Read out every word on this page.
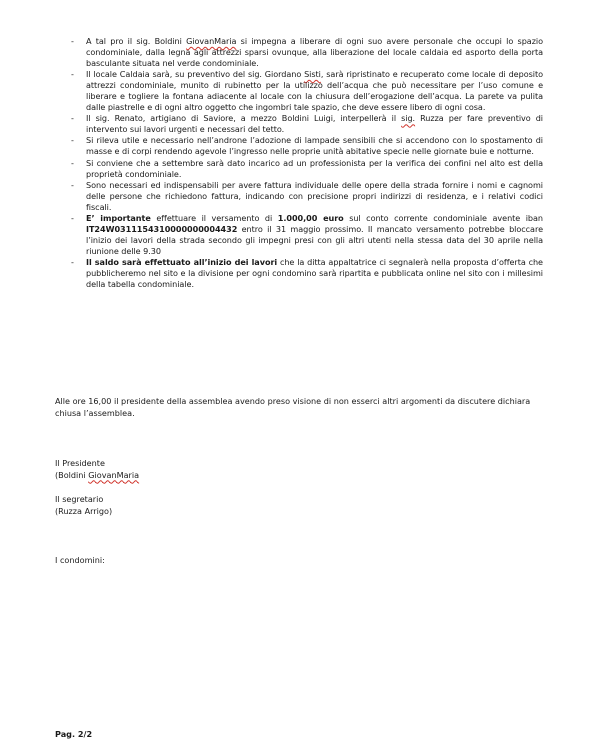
- A tal pro il sig. Boldini GiovanMaria si impegna a liberare di ogni suo avere personale che occupi lo spazio condominiale, dalla legna agli attrezzi sparsi ovunque, alla liberazione del locale caldaia ed asporto della porta basculante situata nel verde condominiale.
- Il locale Caldaia sarà, su preventivo del sig. Giordano Sisti, sarà ripristinato e recuperato come locale di deposito attrezzi condominiale, munito di rubinetto per la utilizzo dell’acqua che può necessitare per l’uso comune e liberare e togliere la fontana adiacente al locale con la chiusura dell’erogazione dell’acqua. La parete va pulita dalle piastrelle e di ogni altro oggetto che ingombri tale spazio, che deve essere libero di ogni cosa.
- Il sig. Renato, artigiano di Saviore, a mezzo Boldini Luigi, interpellerà il sig. Ruzza per fare preventivo di intervento sui lavori urgenti e necessari del tetto.
- Si rileva utile e necessario nell’androne l’adozione di lampade sensibili che si accendono con lo spostamento di masse e di corpi rendendo agevole l’ingresso nelle proprie unità abitative specie nelle giornate buie e notturne.
- Si conviene che a settembre sarà dato incarico ad un professionista per la verifica dei confini nel alto est della proprietà condominiale.
- Sono necessari ed indispensabili per avere fattura individuale delle opere della strada fornire i nomi e cagnomi delle persone che richiedono fattura, indicando con precisione propri indirizzi di residenza, e i relativi codici fiscali.
- E’ importante effettuare il versamento di 1.000,00 euro sul conto corrente condominiale avente iban IT24W0311154310000000004432 entro il 31 maggio prossimo. Il mancato versamento potrebbe bloccare l’inizio dei lavori della strada secondo gli impegni presi con gli altri utenti nella stessa data del 30 aprile nella riunione delle 9.30
- Il saldo sarà effettuato all’inizio dei lavori che la ditta appaltatrice ci segnalerà nella proposta d’offerta che pubblicheremo nel sito e la divisione per ogni condomino sarà ripartita e pubblicata online nel sito con i millesimi della tabella condominiale.

Alle ore 16,00 il presidente della assemblea avendo preso visione di non esserci altri argomenti da discutere dichiara chiusa l’assemblea.

Il Presidente
(Boldini GiovanMaria
Il segretario
(Ruzza Arrigo)

I condomini:

Pag. 2/2
